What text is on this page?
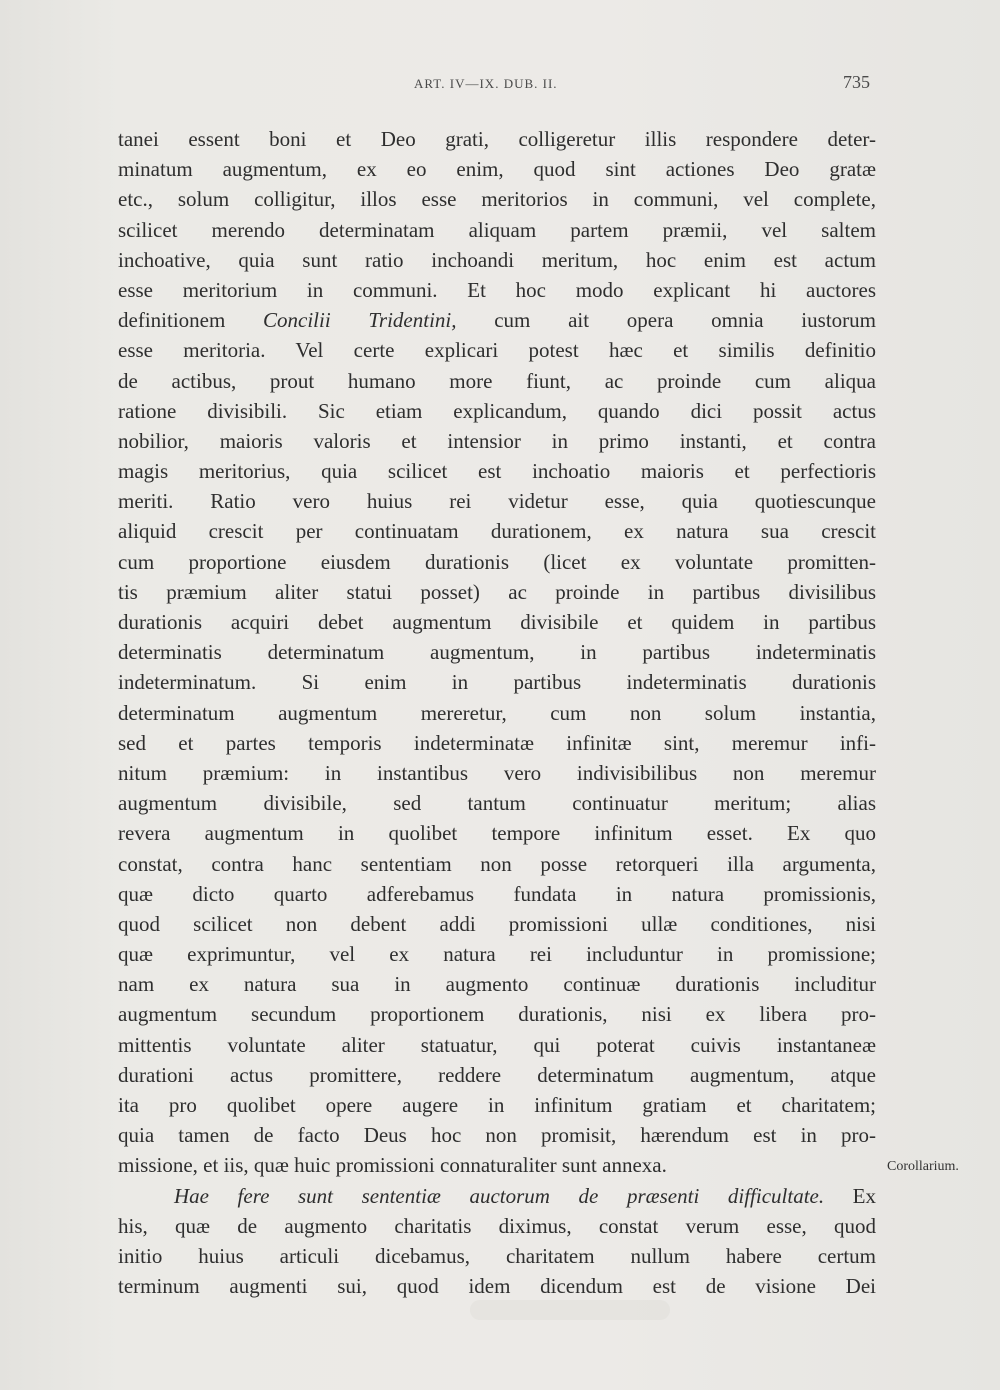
ART. IV—IX. DUB. II.	735
tanei essent boni et Deo grati, colligeretur illis respondere deter-
minatum augmentum, ex eo enim, quod sint actiones Deo gratæ
etc., solum colligitur, illos esse meritorios in communi, vel complete,
scilicet merendo determinatam aliquam partem præmii, vel saltem
inchoative, quia sunt ratio inchoandi meritum, hoc enim est actum
esse meritorium in communi. Et hoc modo explicant hi auctores
definitionem Concilii Tridentini, cum ait opera omnia iustorum
esse meritoria. Vel certe explicari potest hæc et similis definitio
de actibus, prout humano more fiunt, ac proinde cum aliqua
ratione divisibili. Sic etiam explicandum, quando dici possit actus
nobilior, maioris valoris et intensior in primo instanti, et contra
magis meritorius, quia scilicet est inchoatio maioris et perfectioris
meriti. Ratio vero huius rei videtur esse, quia quotiescunque
aliquid crescit per continuatam durationem, ex natura sua crescit
cum proportione eiusdem durationis (licet ex voluntate promitten-
tis præmium aliter statui posset) ac proinde in partibus divisilibus
durationis acquiri debet augmentum divisibile et quidem in partibus
determinatis determinatum augmentum, in partibus indeterminatis
indeterminatum. Si enim in partibus indeterminatis durationis
determinatum augmentum mereretur, cum non solum instantia,
sed et partes temporis indeterminatæ infinitæ sint, meremur infi-
nitum præmium: in instantibus vero indivisibilibus non meremur
augmentum divisibile, sed tantum continuatur meritum; alias
revera augmentum in quolibet tempore infinitum esset. Ex quo
constat, contra hanc sententiam non posse retorqueri illa argumenta,
quæ dicto quarto adferebamus fundata in natura promissionis,
quod scilicet non debent addi promissioni ullæ conditiones, nisi
quæ exprimuntur, vel ex natura rei includuntur in promissione;
nam ex natura sua in augmento continuæ durationis includitur
augmentum secundum proportionem durationis, nisi ex libera pro-
mittentis voluntate aliter statuatur, qui poterat cuivis instantaneæ
durationi actus promittere, reddere determinatum augmentum, atque
ita pro quolibet opere augere in infinitum gratiam et charitatem;
quia tamen de facto Deus hoc non promisit, hærendum est in pro-
missione, et iis, quæ huic promissioni connaturaliter sunt annexa.
Hae fere sunt sententiæ auctorum de præsenti difficultate. Ex
his, quæ de augmento charitatis diximus, constat verum esse, quod
initio huius articuli dicebamus, charitatem nullum habere certum
terminum augmenti sui, quod idem dicendum est de visione Dei
Corollarium.
